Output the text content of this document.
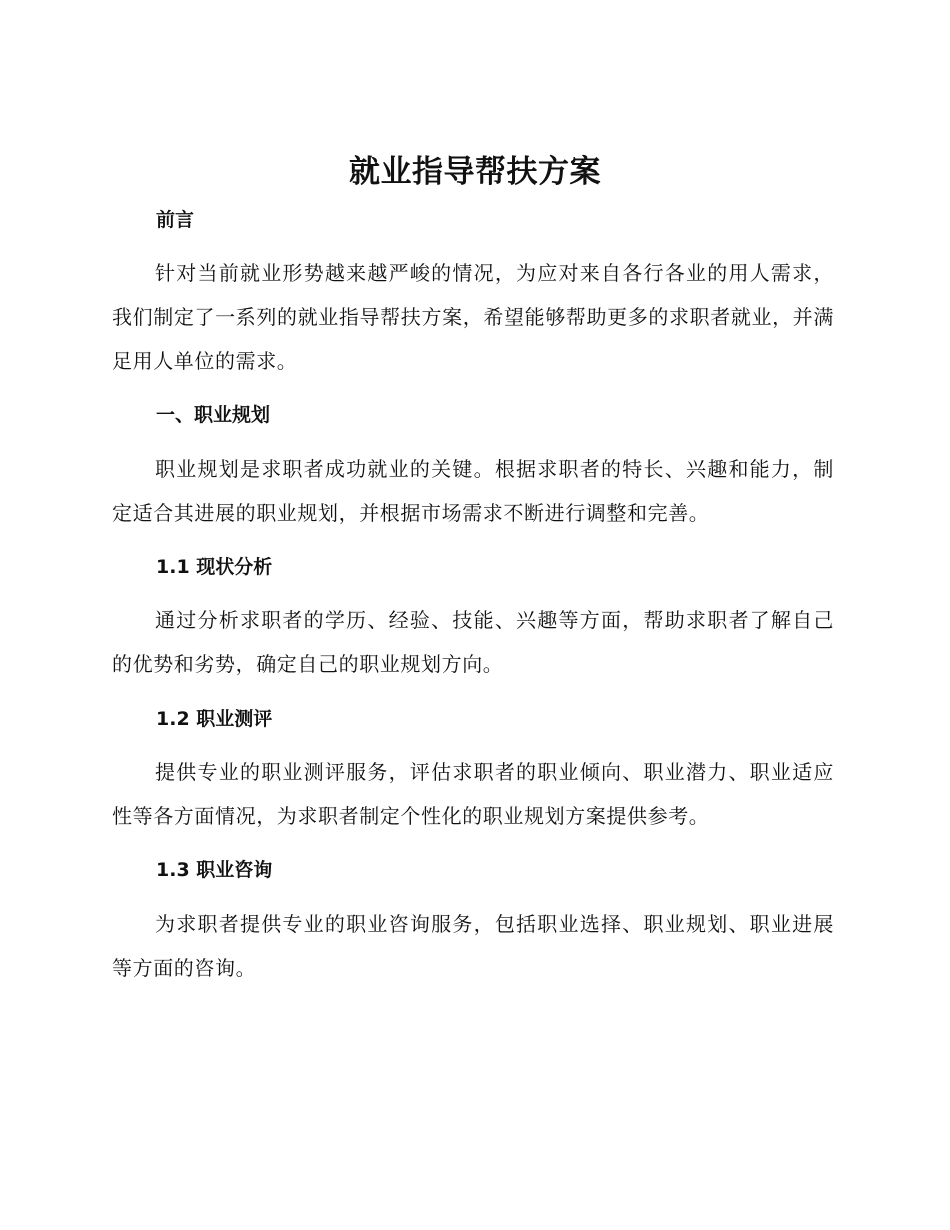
就业指导帮扶方案
前言

针对当前就业形势越来越严峻的情况，为应对来自各行各业的用人需求，我们制定了一系列的就业指导帮扶方案，希望能够帮助更多的求职者就业，并满足用人单位的需求。

一、职业规划

职业规划是求职者成功就业的关键。根据求职者的特长、兴趣和能力，制定适合其进展的职业规划，并根据市场需求不断进行调整和完善。

1.1 现状分析

通过分析求职者的学历、经验、技能、兴趣等方面，帮助求职者了解自己的优势和劣势，确定自己的职业规划方向。

1.2 职业测评

提供专业的职业测评服务，评估求职者的职业倾向、职业潜力、职业适应性等各方面情况，为求职者制定个性化的职业规划方案提供参考。

1.3 职业咨询

为求职者提供专业的职业咨询服务，包括职业选择、职业规划、职业进展等方面的咨询。
